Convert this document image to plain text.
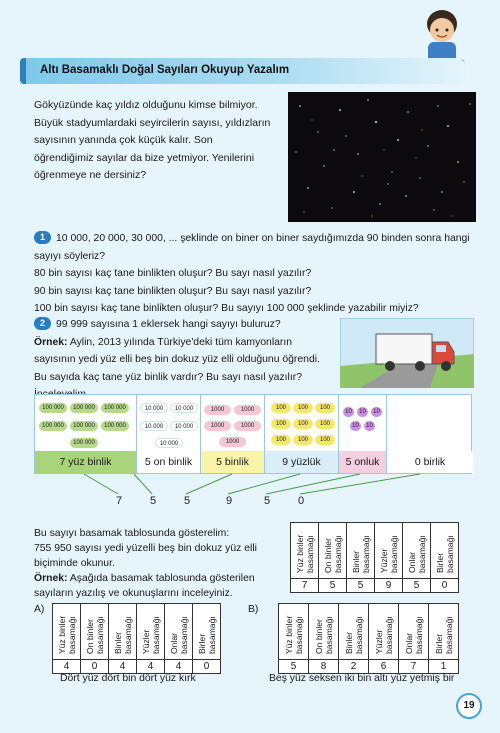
Altı Basamaklı Doğal Sayıları Okuyup Yazalım

Gökyüzünde kaç yıldız olduğunu kimse bilmiyor. Büyük stadyumlardaki seyircilerin sayısı, yıldızların sayısının yanında çok küçük kalır. Son öğrendiğimiz sayılar da bize yetmiyor. Yenilerini öğrenmeye ne dersiniz?

1 10 000, 20 000, 30 000, ... şeklinde on biner on biner saydığımızda 90 binden sonra hangi sayıyı söyleriz?
80 bin sayısı kaç tane binlikten oluşur? Bu sayı nasıl yazılır?
90 bin sayısı kaç tane binlikten oluşur? Bu sayı nasıl yazılır?
100 bin sayısı kaç tane binlikten oluşur? Bu sayıyı 100 000 şeklinde yazabilir miyiz?
2 99 999 sayısına 1 eklersek hangi sayıyı buluruz?
Örnek: Aylin, 2013 yılında Türkiye'deki tüm kamyonların sayısının yedi yüz elli beş bin dokuz yüz elli olduğunu öğrendi. Bu sayıda kaç tane yüz binlik vardır? Bu sayı nasıl yazılır?
100 000	100 000	100 000
100 000	100 000	100 000
100 000
10 000	10 000
10 000	10 000
10 000
1000	1000
1000	1000
1000
100	100	100
100	100	100
100	100	100
10	10	10
10	10
7 yüz binlik	5 on binlik	5 binlik	9 yüzlük	5 onluk	0 birlik
7	5	5	9	5	0
Bu sayıyı basamak tablosunda gösterelim:
755 950 sayısı yedi yüzelli beş bin dokuz yüz elli biçiminde okunur.
Örnek: Aşağıda basamak tablosunda gösterilen sayıların yazılış ve okunuşlarını inceleyiniz.
Yüz binler basamağı	On binler basamağı	Binler basamağı	Yüzler basamağı	Onlar basamağı	Birler basamağı
7	5	5	9	5	0
A)
Yüz binler basamağı	On binler basamağı	Binler basamağı	Yüzler basamağı	Onlar basamağı	Birler basamağı
4	0	4	4	4	0
Dört yüz dört bin dört yüz kırk
B)
Yüz binler basamağı	On binler basamağı	Binler basamağı	Yüzler basamağı	Onlar basamağı	Birler basamağı
5	8	2	6	7	1
Beş yüz seksen iki bin altı yüz yetmiş bir
19
